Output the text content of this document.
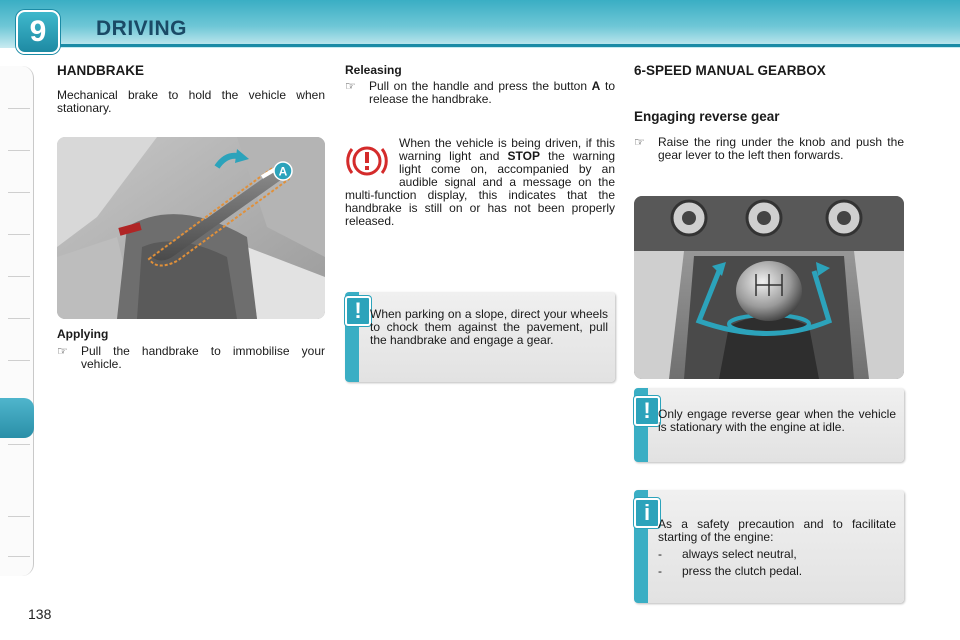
9	DRIVING
HANDBRAKE

Mechanical brake to hold the vehicle when stationary.

A
Applying
☞ Pull the handbrake to immobilise your vehicle.
Releasing
☞ Pull on the handle and press the button A to release the handbrake.
When the vehicle is being driven, if this warning light and STOP the warning light come on, accompanied by an audible signal and a message on the multi-function display, this indicates that the handbrake is still on or has not been properly released.
! When parking on a slope, direct your wheels to chock them against the pavement, pull the handbrake and engage a gear.
6-SPEED MANUAL GEARBOX
Engaging reverse gear
☞ Raise the ring under the knob and push the gear lever to the left then forwards.
! Only engage reverse gear when the vehicle is stationary with the engine at idle.
i As a safety precaution and to facilitate starting of the engine:
- always select neutral,
- press the clutch pedal.
138
